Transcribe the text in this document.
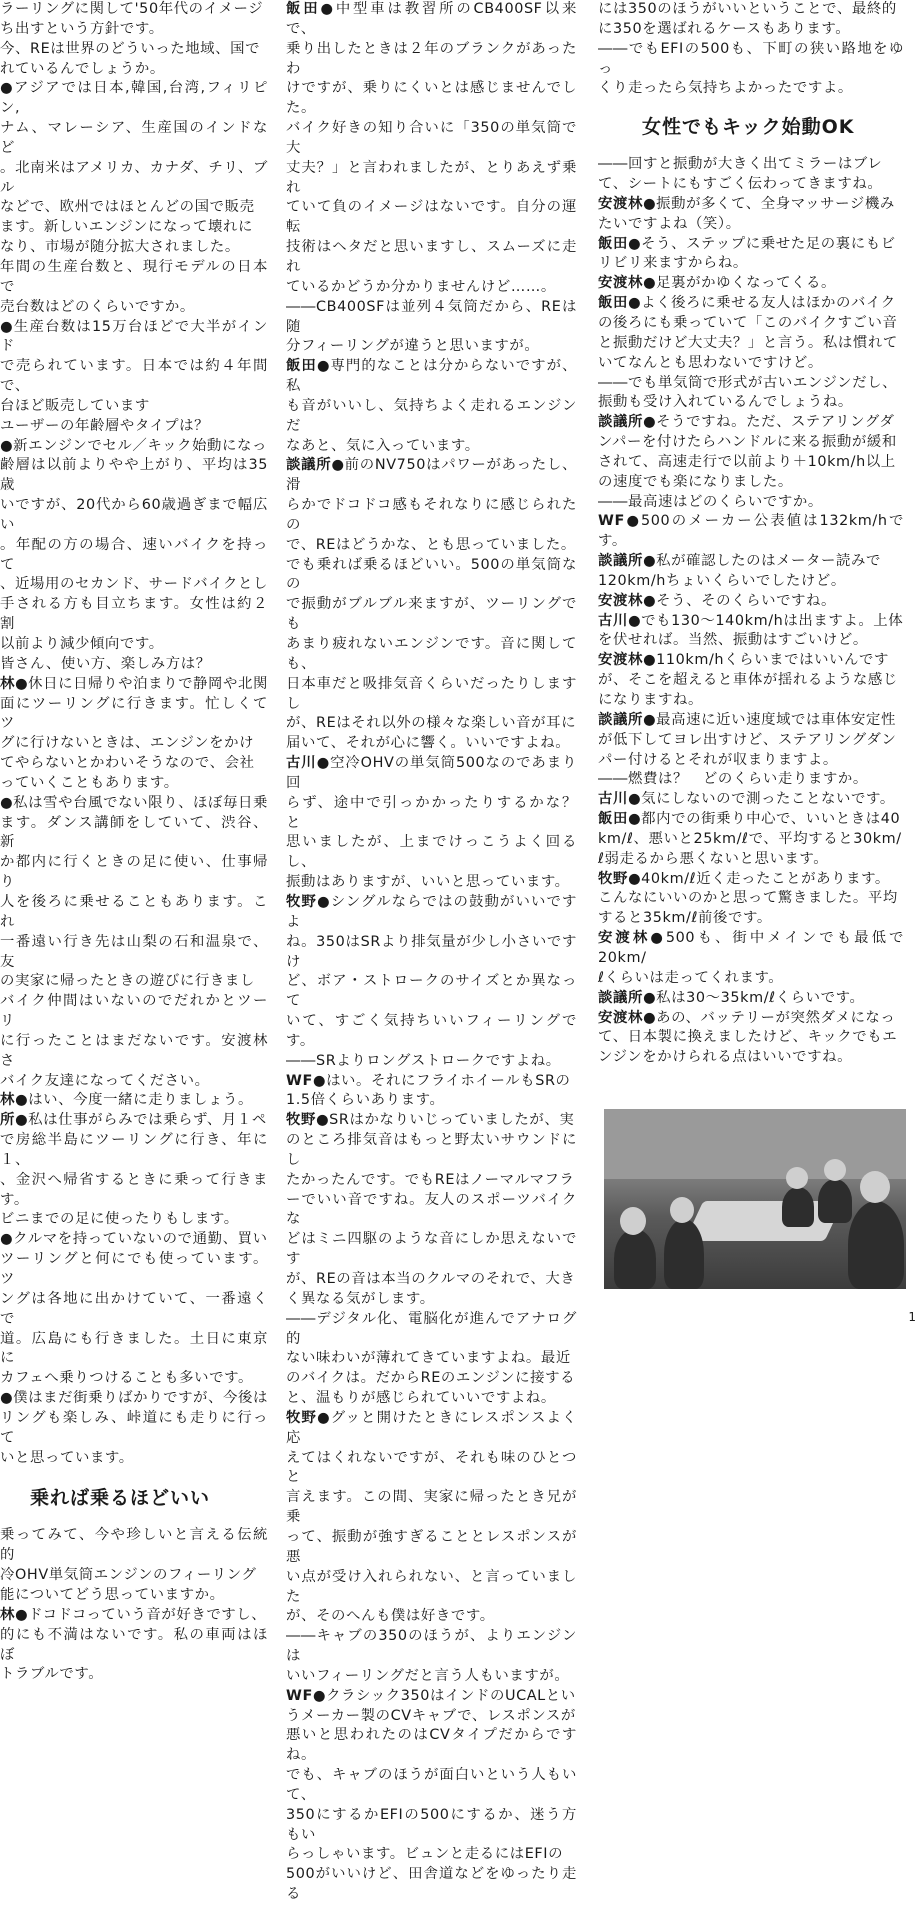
ラーリングに関して'50年代のイメージ
ち出すという方針です。
今、REは世界のどういった地域、国で
れているんでしょうか。
●アジアでは日本,韓国,台湾,フィリピン,
ナム、マレーシア、生産国のインドなど
。北南米はアメリカ、カナダ、チリ、ブル
などで、欧州ではほとんどの国で販売
ます。新しいエンジンになって壊れに
なり、市場が随分拡大されました。
年間の生産台数と、現行モデルの日本で
売台数はどのくらいですか。
●生産台数は15万台ほどで大半がインド
で売られています。日本では約４年間で、
台ほど販売しています
ユーザーの年齢層やタイプは？
●新エンジンでセル／キック始動になっ
齢層は以前よりやや上がり、平均は35歳
いですが、20代から60歳過ぎまで幅広い
。年配の方の場合、速いバイクを持って
、近場用のセカンド、サードバイクとし
手される方も目立ちます。女性は約２割
以前より減少傾向です。
皆さん、使い方、楽しみ方は？
林●休日に日帰りや泊まりで静岡や北関
面にツーリングに行きます。忙しくてツ
グに行けないときは、エンジンをかけ
てやらないとかわいそうなので、会社
っていくこともあります。
●私は雪や台風でない限り、ほぼ毎日乗
ます。ダンス講師をしていて、渋谷、新
か都内に行くときの足に使い、仕事帰り
人を後ろに乗せることもあります。これ
一番遠い行き先は山梨の石和温泉で、友
の実家に帰ったときの遊びに行きまし
バイク仲間はいないのでだれかとツーリ
に行ったことはまだないです。安渡林さ
バイク友達になってください。
林●はい、今度一緒に走りましょう。
所●私は仕事がらみでは乗らず、月１ペ
で房総半島にツーリングに行き、年に１、
、金沢へ帰省するときに乗って行きます。
ビニまでの足に使ったりもします。
●クルマを持っていないので通勤、買い
ツーリングと何にでも使っています。ツ
ングは各地に出かけていて、一番遠くで
道。広島にも行きました。土日に東京に
カフェへ乗りつけることも多いです。
●僕はまだ街乗りばかりですが、今後は
リングも楽しみ、峠道にも走りに行って
いと思っています。
乗れば乗るほどいい
乗ってみて、今や珍しいと言える伝統的
冷OHV単気筒エンジンのフィーリング
能についてどう思っていますか。
林●ドコドコっていう音が好きですし、
的にも不満はないです。私の車両はほぼ
トラブルです。
飯田●中型車は教習所のCB400SF以来で、
乗り出したときは２年のブランクがあったわ
けですが、乗りにくいとは感じませんでした。
バイク好きの知り合いに「350の単気筒で大
丈夫？」と言われましたが、とりあえず乗れ
ていて負のイメージはないです。自分の運転
技術はヘタだと思いますし、スムーズに走れ
ているかどうか分かりませんけど……。
――CB400SFは並列４気筒だから、REは随
分フィーリングが違うと思いますが。
飯田●専門的なことは分からないですが、私
も音がいいし、気持ちよく走れるエンジンだ
なあと、気に入っています。
談議所●前のNV750はパワーがあったし、滑
らかでドコドコ感もそれなりに感じられたの
で、REはどうかな、とも思っていました。
でも乗れば乗るほどいい。500の単気筒なの
で振動がブルブル来ますが、ツーリングでも
あまり疲れないエンジンです。音に関しても、
日本車だと吸排気音くらいだったりしますし
が、REはそれ以外の様々な楽しい音が耳に
届いて、それが心に響く。いいですよね。
古川●空冷OHVの単気筒500なのであまり回
らず、途中で引っかかったりするかな？　と
思いましたが、上までけっこうよく回るし、
振動はありますが、いいと思っています。
牧野●シングルならではの鼓動がいいですよ
ね。350はSRより排気量が少し小さいですけ
ど、ボア・ストロークのサイズとか異なって
いて、すごく気持ちいいフィーリングです。
――SRよりロングストロークですよね。
WF●はい。それにフライホイールもSRの
1.5倍くらいあります。
牧野●SRはかなりいじっていましたが、実
のところ排気音はもっと野太いサウンドにし
たかったんです。でもREはノーマルマフラ
ーでいい音ですね。友人のスポーツバイクな
どはミニ四駆のような音にしか思えないです
が、REの音は本当のクルマのそれで、大き
く異なる気がします。
――デジタル化、電脳化が進んでアナログ的
ない味わいが薄れてきていますよね。最近
のバイクは。だからREのエンジンに接する
と、温もりが感じられていいですよね。
牧野●グッと開けたときにレスポンスよく応
えてはくれないですが、それも味のひとつと
言えます。この間、実家に帰ったとき兄が乗
って、振動が強すぎることとレスポンスが悪
い点が受け入れられない、と言っていました
が、そのへんも僕は好きです。
――キャブの350のほうが、よりエンジンは
いいフィーリングだと言う人もいますが。
WF●クラシック350はインドのUCALとい
うメーカー製のCVキャブで、レスポンスが
悪いと思われたのはCVタイプだからですね。
でも、キャブのほうが面白いという人もいて、
350にするかEFIの500にするか、迷う方もい
らっしゃいます。ビュンと走るにはEFIの
500がいいけど、田舎道などをゆったり走る
には350のほうがいいということで、最終的
に350を選ばれるケースもあります。
――でもEFIの500も、下町の狭い路地をゆっ
くり走ったら気持ちよかったですよ。
女性でもキック始動OK
――回すと振動が大きく出てミラーはブレ
て、シートにもすごく伝わってきますね。
安渡林●振動が多くて、全身マッサージ機み
たいですよね（笑）。
飯田●そう、ステップに乗せた足の裏にもビ
リビリ来ますからね。
安渡林●足裏がかゆくなってくる。
飯田●よく後ろに乗せる友人はほかのバイク
の後ろにも乗っていて「このバイクすごい音
と振動だけど大丈夫？」と言う。私は慣れて
いてなんとも思わないですけど。
――でも単気筒で形式が古いエンジンだし、
振動も受け入れているんでしょうね。
談議所●そうですね。ただ、ステアリングダ
ンパーを付けたらハンドルに来る振動が緩和
されて、高速走行で以前より＋10km/h以上
の速度でも楽になりました。
――最高速はどのくらいですか。
WF●500のメーカー公表値は132km/hです。
談議所●私が確認したのはメーター読みで
120km/hちょいくらいでしたけど。
安渡林●そう、そのくらいですね。
古川●でも130～140km/hは出ますよ。上体
を伏せれば。当然、振動はすごいけど。
安渡林●110km/hくらいまではいいんです
が、そこを超えると車体が揺れるような感じ
になりますね。
談議所●最高速に近い速度域では車体安定性
が低下してヨレ出すけど、ステアリングダン
パー付けるとそれが収まりますよ。
――燃費は？　どのくらい走りますか。
古川●気にしないので測ったことないです。
飯田●都内での街乗り中心で、いいときは40
km/ℓ、悪いと25km/ℓで、平均すると30km/
ℓ弱走るから悪くないと思います。
牧野●40km/ℓ近く走ったことがあります。
こんなにいいのかと思って驚きました。平均
すると35km/ℓ前後です。
安渡林●500も、街中メインでも最低で20km/
ℓくらいは走ってくれます。
談議所●私は30～35km/ℓくらいです。
安渡林●あの、バッテリーが突然ダメになっ
て、日本製に換えましたけど、キックでもエ
ンジンをかけられる点はいいですね。
1
